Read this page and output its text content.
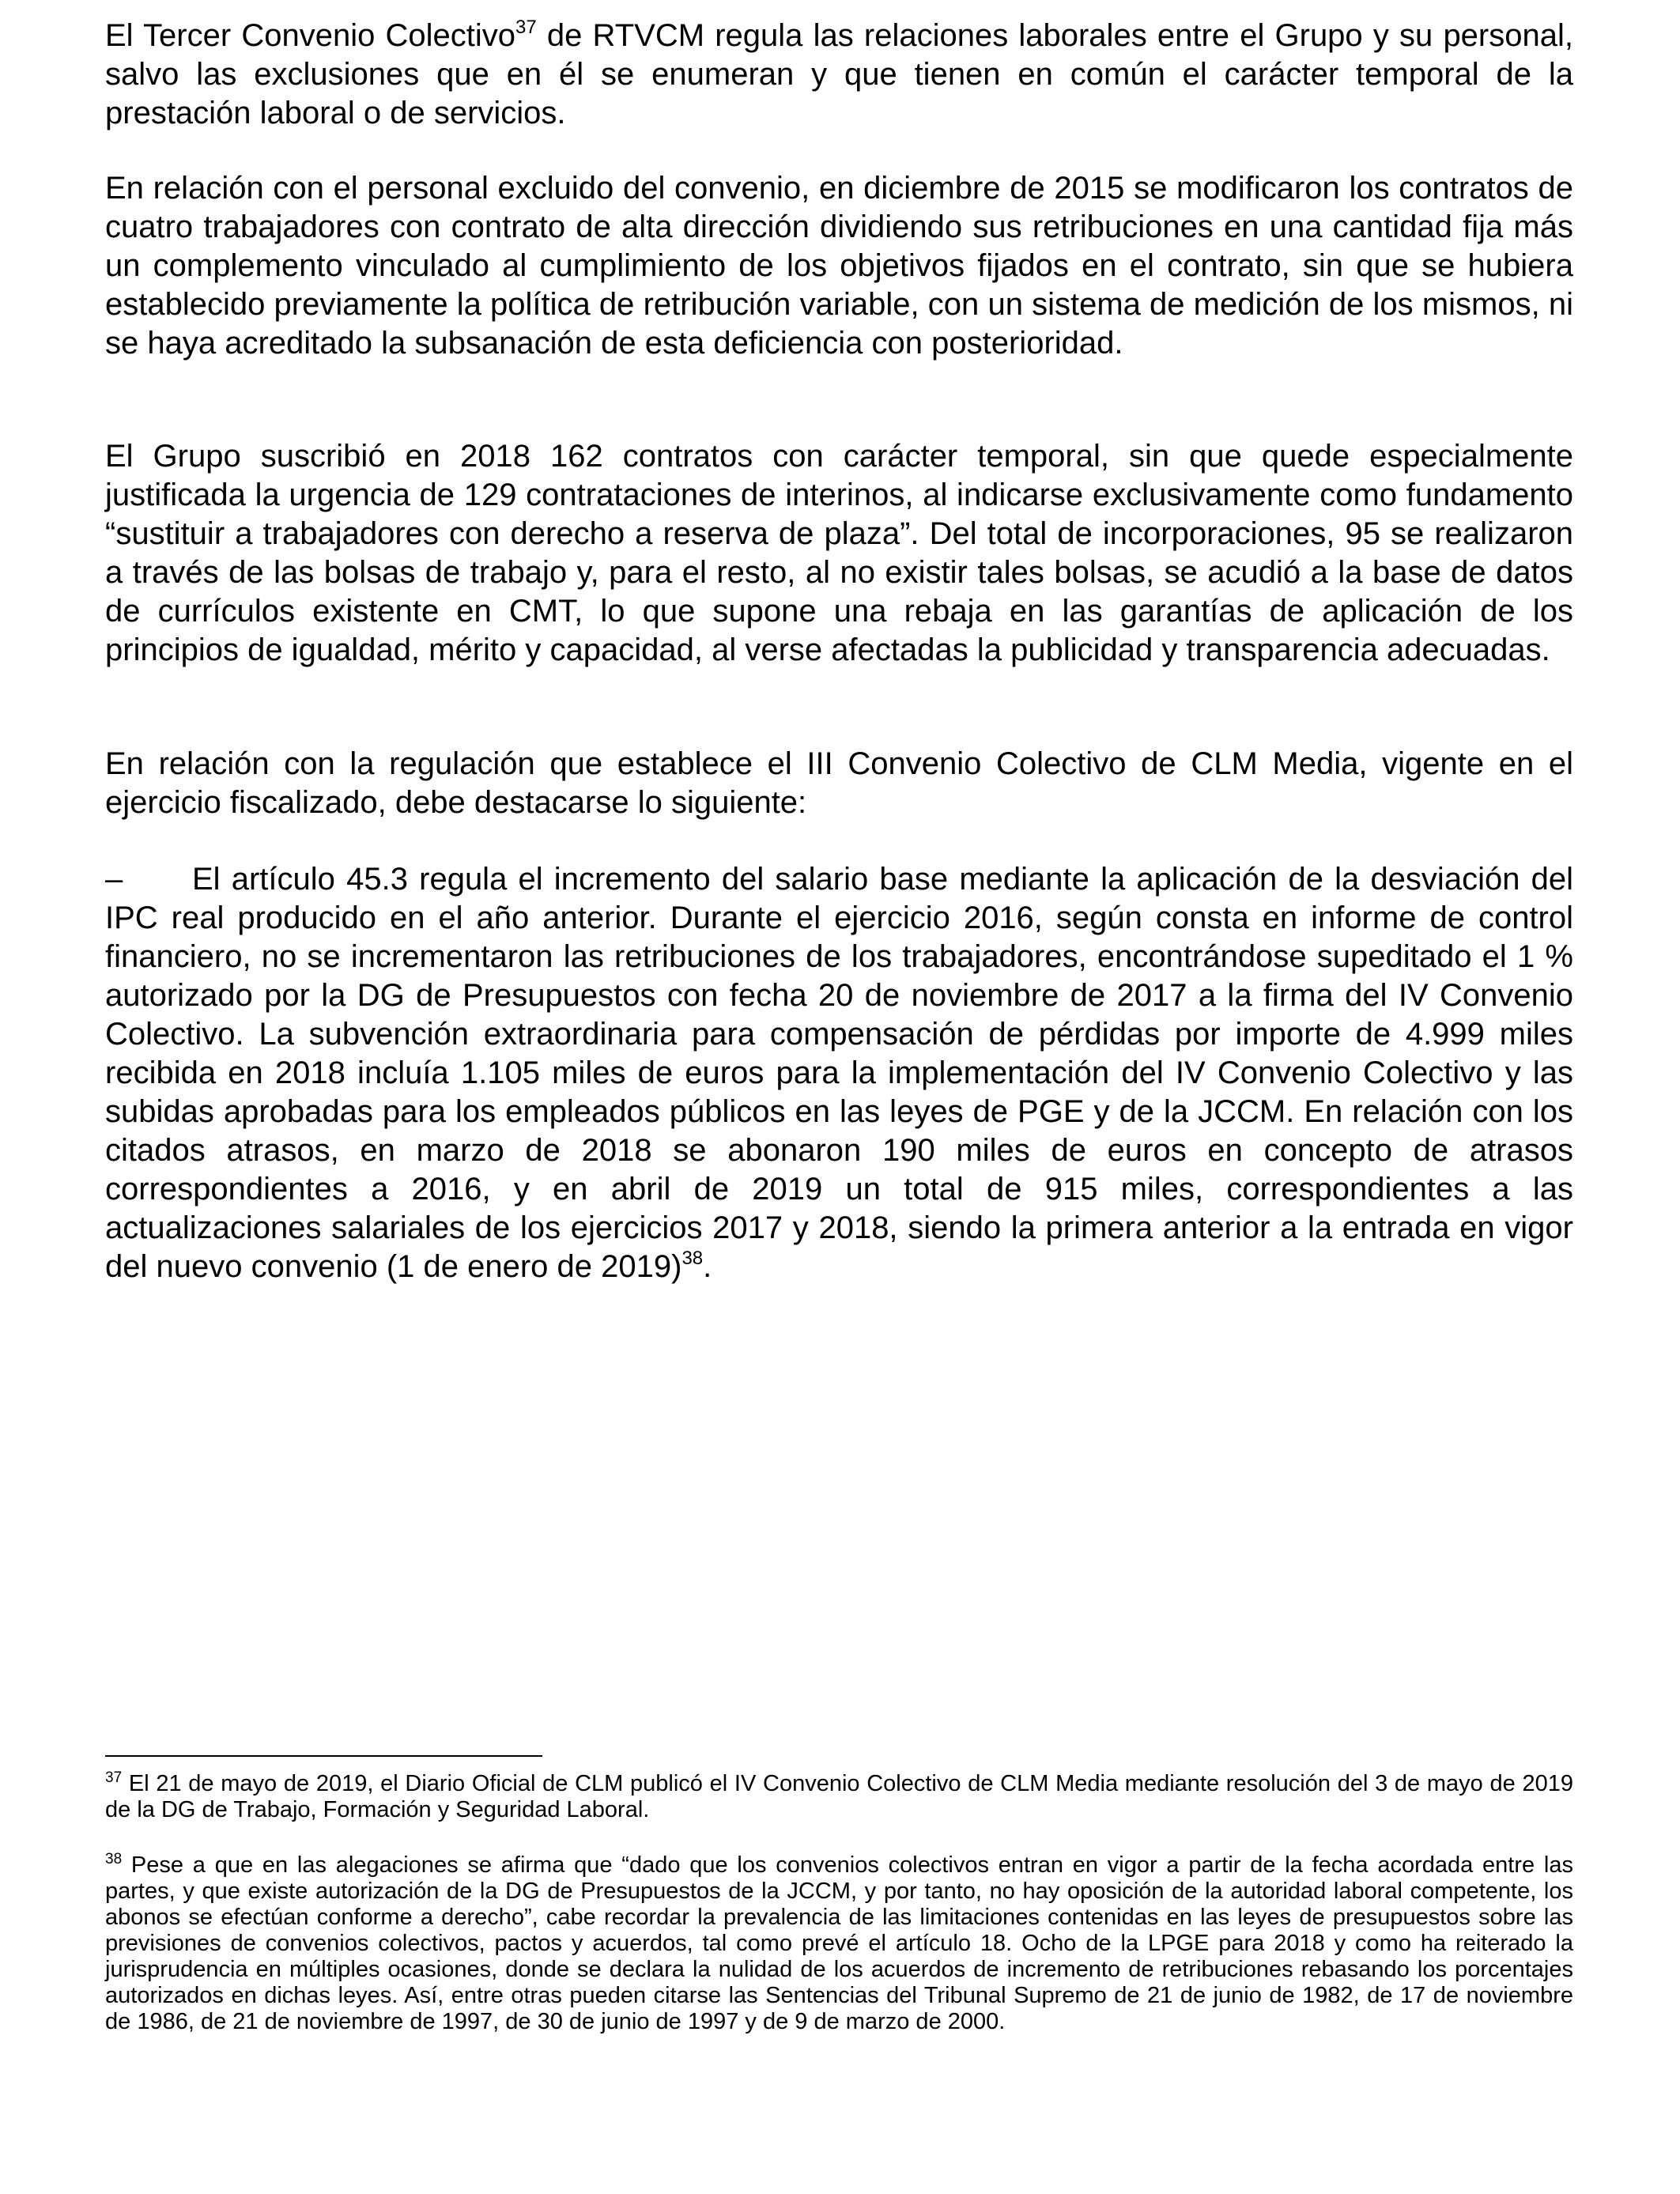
El Tercer Convenio Colectivo$^{37}$ de RTVCM regula las relaciones laborales entre el Grupo y su personal, salvo las exclusiones que en él se enumeran y que tienen en común el carácter temporal de la prestación laboral o de servicios.

En relación con el personal excluido del convenio, en diciembre de 2015 se modificaron los contratos de cuatro trabajadores con contrato de alta dirección dividiendo sus retribuciones en una cantidad fija más un complemento vinculado al cumplimiento de los objetivos fijados en el contrato, sin que se hubiera establecido previamente la política de retribución variable, con un sistema de medición de los mismos, ni se haya acreditado la subsanación de esta deficiencia con posterioridad.

El Grupo suscribió en 2018 162 contratos con carácter temporal, sin que quede especialmente justificada la urgencia de 129 contrataciones de interinos, al indicarse exclusivamente como fundamento “sustituir a trabajadores con derecho a reserva de plaza”. Del total de incorporaciones, 95 se realizaron a través de las bolsas de trabajo y, para el resto, al no existir tales bolsas, se acudió a la base de datos de currículos existente en CMT, lo que supone una rebaja en las garantías de aplicación de los principios de igualdad, mérito y capacidad, al verse afectadas la publicidad y transparencia adecuadas.

En relación con la regulación que establece el III Convenio Colectivo de CLM Media, vigente en el ejercicio fiscalizado, debe destacarse lo siguiente:

– El artículo 45.3 regula el incremento del salario base mediante la aplicación de la desviación del IPC real producido en el año anterior. Durante el ejercicio 2016, según consta en informe de control financiero, no se incrementaron las retribuciones de los trabajadores, encontrándose supeditado el 1 % autorizado por la DG de Presupuestos con fecha 20 de noviembre de 2017 a la firma del IV Convenio Colectivo. La subvención extraordinaria para compensación de pérdidas por importe de 4.999 miles recibida en 2018 incluía 1.105 miles de euros para la implementación del IV Convenio Colectivo y las subidas aprobadas para los empleados públicos en las leyes de PGE y de la JCCM. En relación con los citados atrasos, en marzo de 2018 se abonaron 190 miles de euros en concepto de atrasos correspondientes a 2016, y en abril de 2019 un total de 915 miles, correspondientes a las actualizaciones salariales de los ejercicios 2017 y 2018, siendo la primera anterior a la entrada en vigor del nuevo convenio (1 de enero de 2019)$^{38}$.

$^{37}$ El 21 de mayo de 2019, el Diario Oficial de CLM publicó el IV Convenio Colectivo de CLM Media mediante resolución del 3 de mayo de 2019 de la DG de Trabajo, Formación y Seguridad Laboral.

$^{38}$ Pese a que en las alegaciones se afirma que “dado que los convenios colectivos entran en vigor a partir de la fecha acordada entre las partes, y que existe autorización de la DG de Presupuestos de la JCCM, y por tanto, no hay oposición de la autoridad laboral competente, los abonos se efectúan conforme a derecho”, cabe recordar la prevalencia de las limitaciones contenidas en las leyes de presupuestos sobre las previsiones de convenios colectivos, pactos y acuerdos, tal como prevé el artículo 18. Ocho de la LPGE para 2018 y como ha reiterado la jurisprudencia en múltiples ocasiones, donde se declara la nulidad de los acuerdos de incremento de retribuciones rebasando los porcentajes autorizados en dichas leyes. Así, entre otras pueden citarse las Sentencias del Tribunal Supremo de 21 de junio de 1982, de 17 de noviembre de 1986, de 21 de noviembre de 1997, de 30 de junio de 1997 y de 9 de marzo de 2000.
